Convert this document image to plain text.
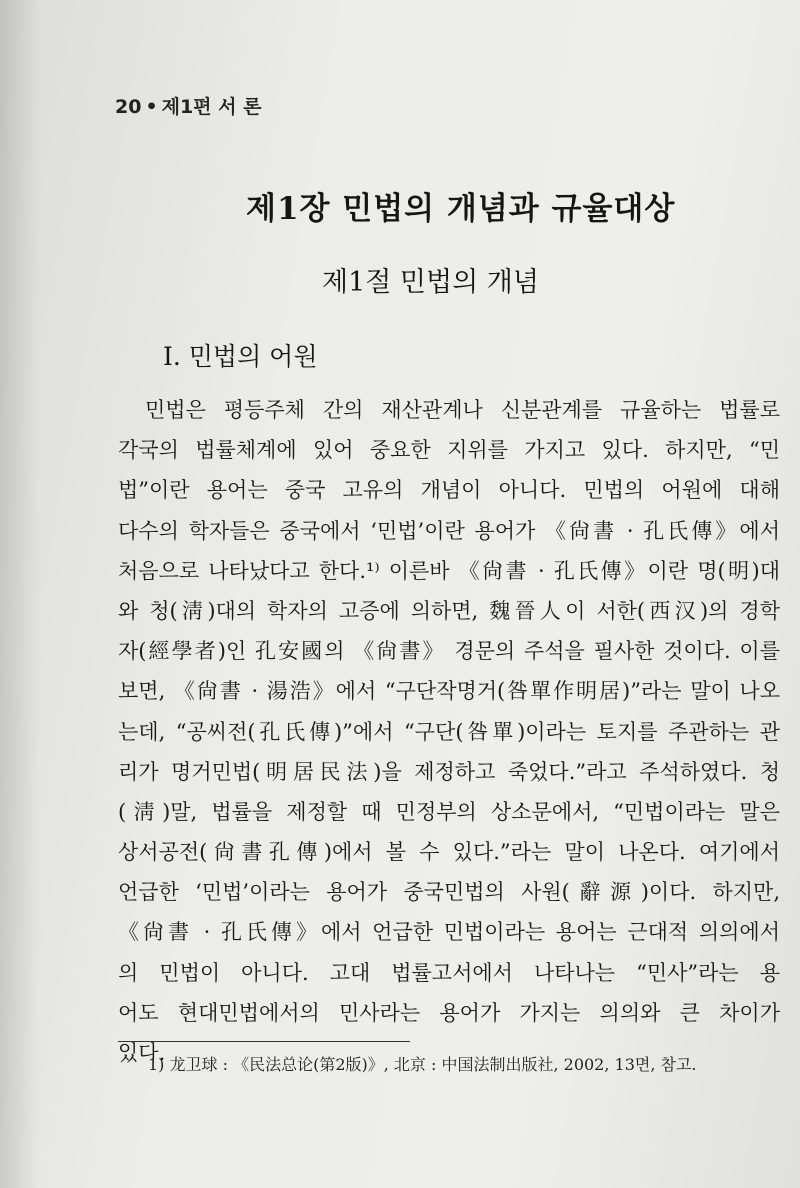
20 • 제1편 서 론
제1장 민법의 개념과 규율대상
제1절 민법의 개념
Ⅰ. 민법의 어원
민법은 평등주체 간의 재산관계나 신분관계를 규율하는 법률로
각국의 법률체계에 있어 중요한 지위를 가지고 있다. 하지만, “민
법”이란 용어는 중국 고유의 개념이 아니다. 민법의 어원에 대해
다수의 학자들은 중국에서 ‘민법’이란 용어가 《尙書 · 孔氏傳》에서
처음으로 나타났다고 한다.¹⁾ 이른바 《尙書 · 孔氏傳》이란 명(明)대
와 청(淸)대의 학자의 고증에 의하면, 魏晉人이 서한(西汉)의 경학
자(經學者)인 孔安國의 《尙書》 경문의 주석을 필사한 것이다. 이를
보면, 《尙書 · 湯浩》에서 “구단작명거(咎單作明居)”라는 말이 나오
는데, “공씨전(孔氏傳)”에서 “구단(咎單)이라는 토지를 주관하는 관
리가 명거민법(明居民法)을 제정하고 죽었다.”라고 주석하였다. 청
(淸)말, 법률을 제정할 때 민정부의 상소문에서, “민법이라는 말은
상서공전(尙書孔傳)에서 볼 수 있다.”라는 말이 나온다. 여기에서
언급한 ‘민법’이라는 용어가 중국민법의 사원(辭源)이다. 하지만,
《尙書 · 孔氏傳》에서 언급한 민법이라는 용어는 근대적 의의에서
의 민법이 아니다. 고대 법률고서에서 나타나는 “민사”라는 용
어도 현대민법에서의 민사라는 용어가 가지는 의의와 큰 차이가
있다.
1) 龙卫球 : 《民法总论(第2版)》, 北京 : 中国法制出版社, 2002, 13면, 참고.
